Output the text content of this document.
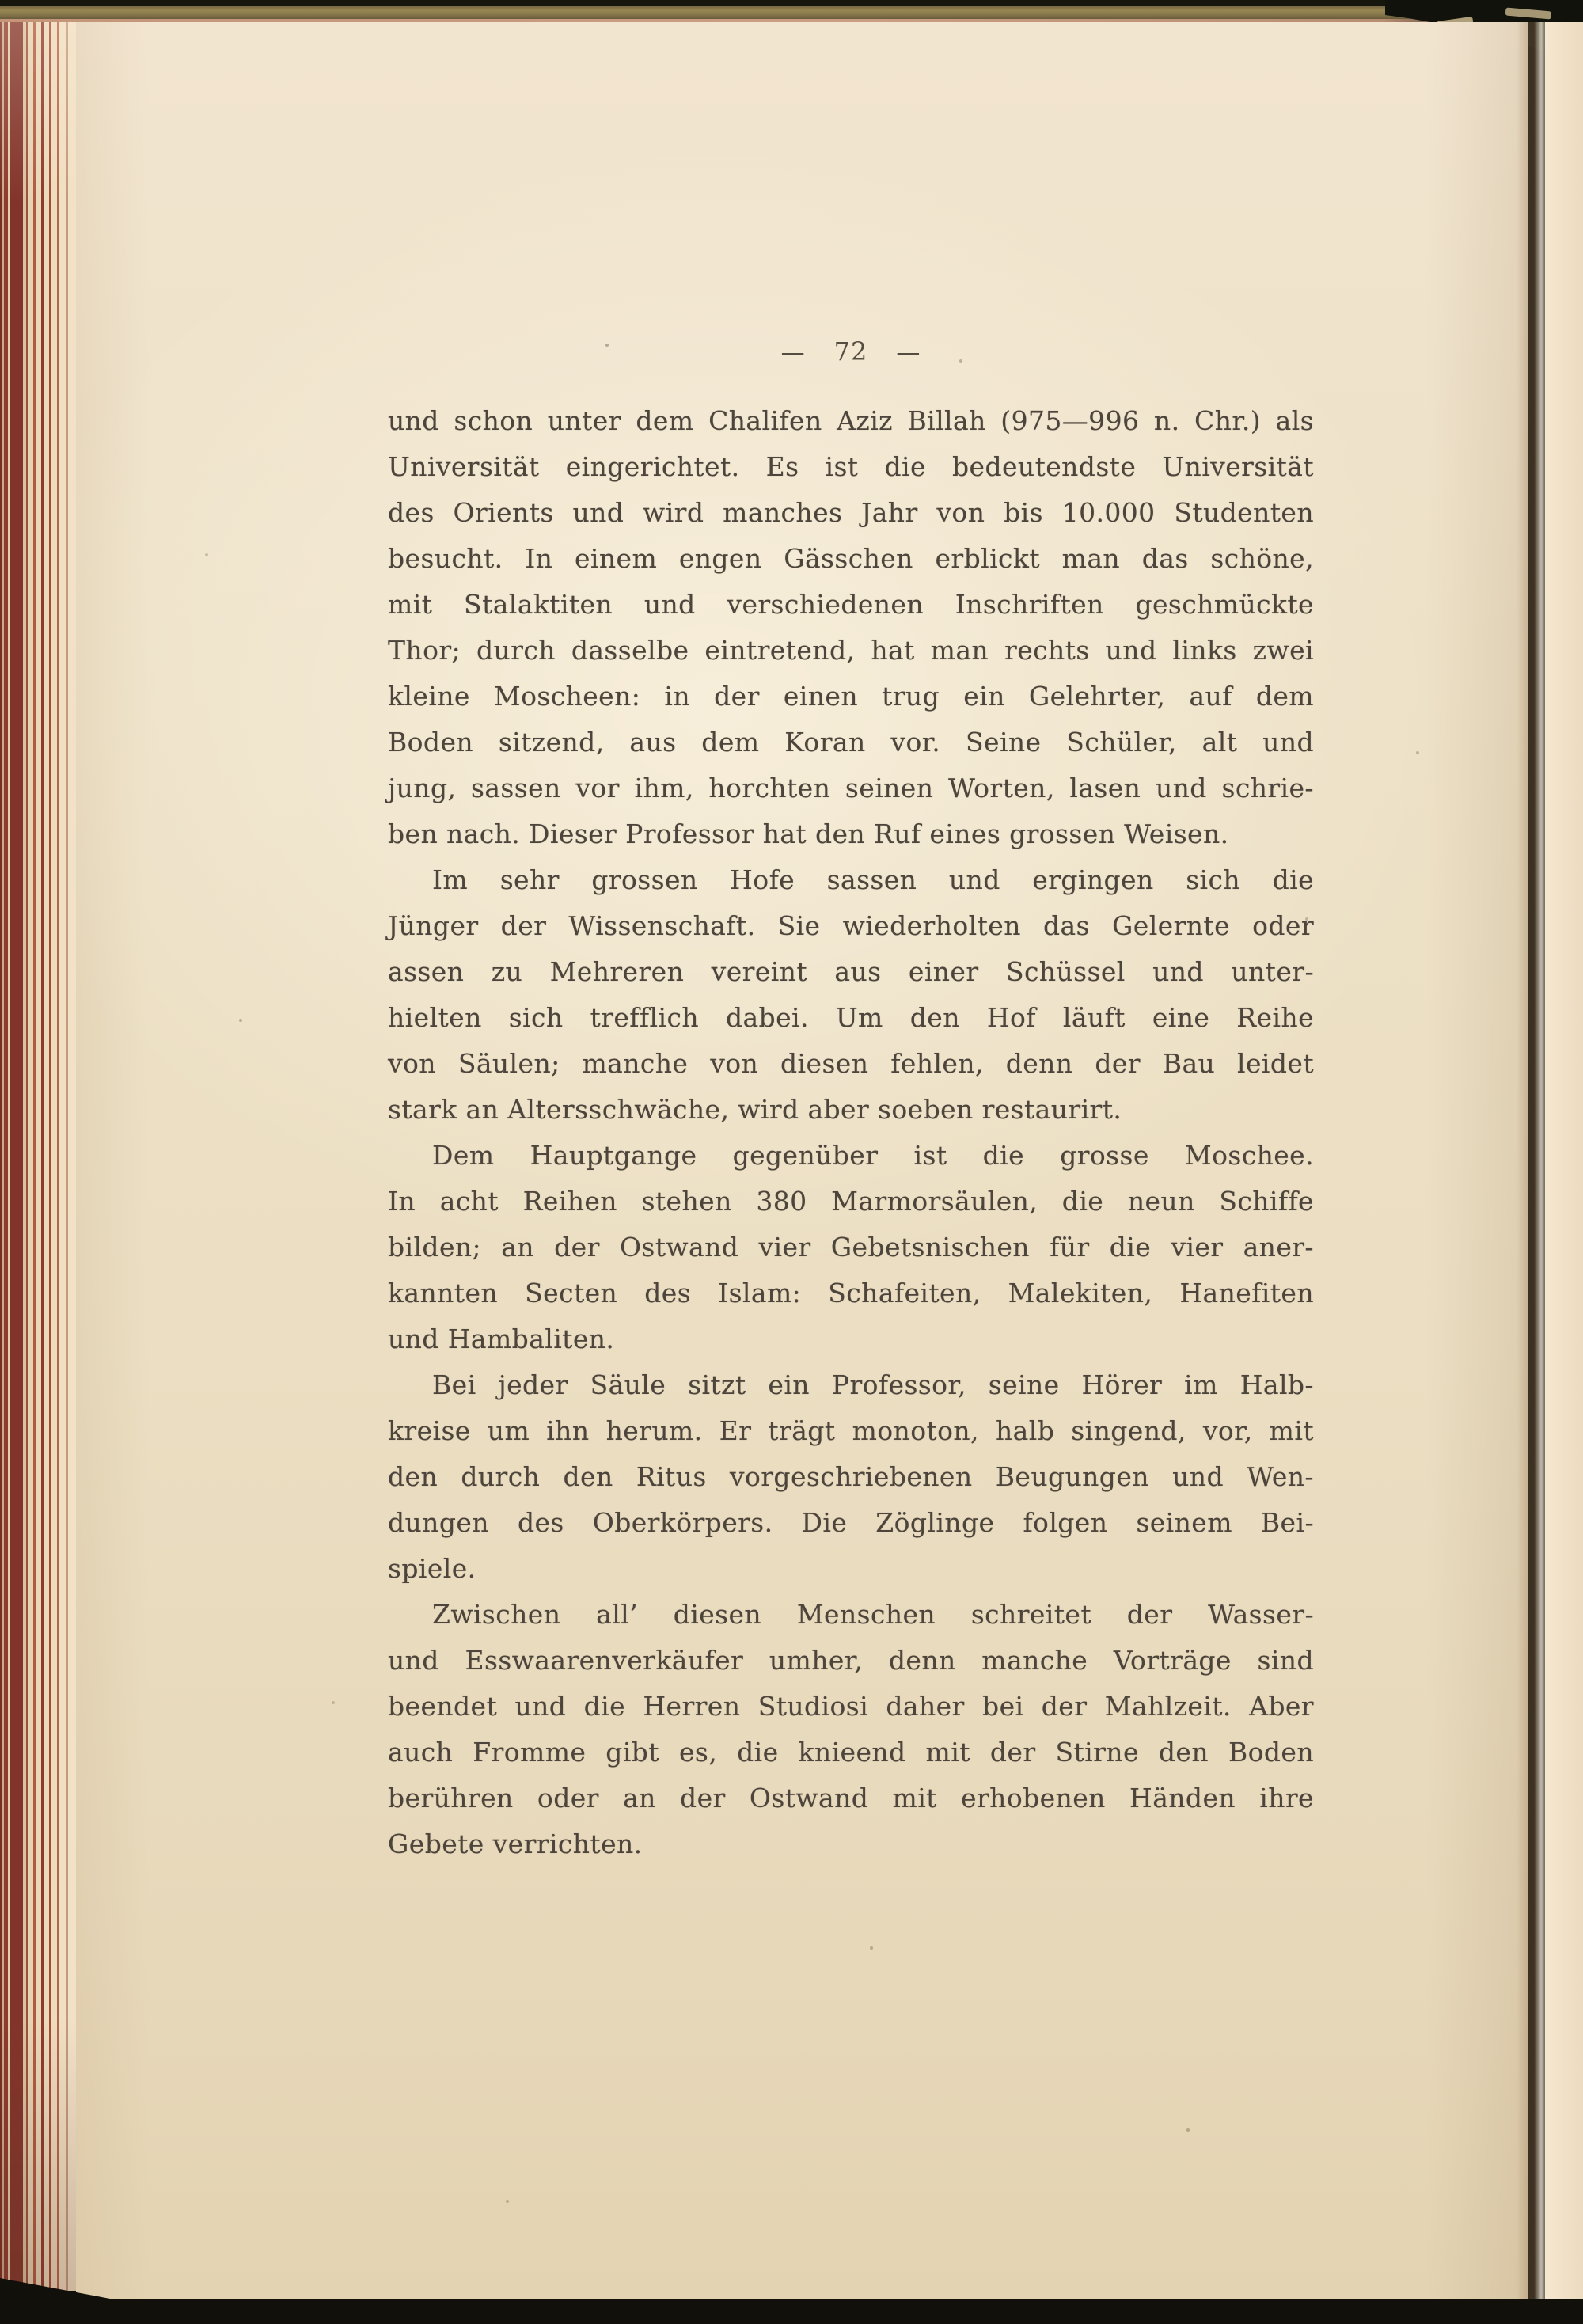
— 72 —
und schon unter dem Chalifen Aziz Billah (975—996 n. Chr.) als
Universität eingerichtet. Es ist die bedeutendste Universität
des Orients und wird manches Jahr von bis 10.000 Studenten
besucht. In einem engen Gässchen erblickt man das schöne,
mit Stalaktiten und verschiedenen Inschriften geschmückte
Thor; durch dasselbe eintretend, hat man rechts und links zwei
kleine Moscheen: in der einen trug ein Gelehrter, auf dem
Boden sitzend, aus dem Koran vor. Seine Schüler, alt und
jung, sassen vor ihm, horchten seinen Worten, lasen und schrie-
ben nach. Dieser Professor hat den Ruf eines grossen Weisen.
Im sehr grossen Hofe sassen und ergingen sich die
Jünger der Wissenschaft. Sie wiederholten das Gelernte oder
assen zu Mehreren vereint aus einer Schüssel und unter-
hielten sich trefflich dabei. Um den Hof läuft eine Reihe
von Säulen; manche von diesen fehlen, denn der Bau leidet
stark an Altersschwäche, wird aber soeben restaurirt.
Dem Hauptgange gegenüber ist die grosse Moschee.
In acht Reihen stehen 380 Marmorsäulen, die neun Schiffe
bilden; an der Ostwand vier Gebetsnischen für die vier aner-
kannten Secten des Islam: Schafeiten, Malekiten, Hanefiten
und Hambaliten.
Bei jeder Säule sitzt ein Professor, seine Hörer im Halb-
kreise um ihn herum. Er trägt monoton, halb singend, vor, mit
den durch den Ritus vorgeschriebenen Beugungen und Wen-
dungen des Oberkörpers. Die Zöglinge folgen seinem Bei-
spiele.
Zwischen all’ diesen Menschen schreitet der Wasser-
und Esswaarenverkäufer umher, denn manche Vorträge sind
beendet und die Herren Studiosi daher bei der Mahlzeit. Aber
auch Fromme gibt es, die knieend mit der Stirne den Boden
berühren oder an der Ostwand mit erhobenen Händen ihre
Gebete verrichten.
